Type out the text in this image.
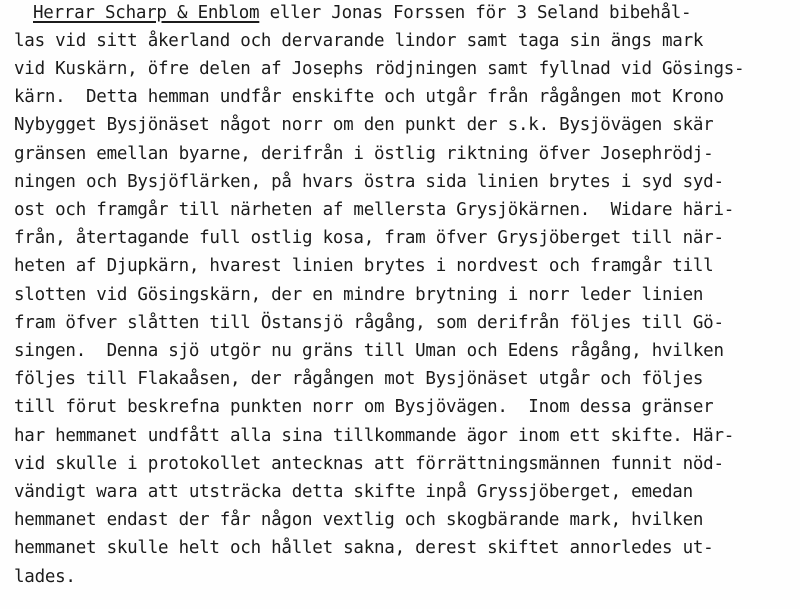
Herrar Scharp & Enblom eller Jonas Forssen för 3 Seland bibehål-

las vid sitt åkerland och dervarande lindor samt taga sin ängs mark

vid Kuskärn, öfre delen af Josephs rödjningen samt fyllnad vid Gösings-

kärn.  Detta hemman undfår enskifte och utgår från rågången mot Krono

Nybygget Bysjönäset något norr om den punkt der s.k. Bysjövägen skär

gränsen emellan byarne, derifrån i östlig riktning öfver Josephrödj-

ningen och Bysjöflärken, på hvars östra sida linien brytes i syd syd-

ost och framgår till närheten af mellersta Grysjökärnen.  Widare häri-

från, återtagande full ostlig kosa, fram öfver Grysjöberget till när-

heten af Djupkärn, hvarest linien brytes i nordvest och framgår till

slotten vid Gösingskärn, der en mindre brytning i norr leder linien

fram öfver slåtten till Östansjö rågång, som derifrån följes till Gö-

singen.  Denna sjö utgör nu gräns till Uman och Edens rågång, hvilken

följes till Flakaåsen, der rågången mot Bysjönäset utgår och följes

till förut beskrefna punkten norr om Bysjövägen.  Inom dessa gränser

har hemmanet undfått alla sina tillkommande ägor inom ett skifte. Här-

vid skulle i protokollet antecknas att förrättningsmännen funnit nöd-

vändigt wara att utsträcka detta skifte inpå Gryssjöberget, emedan

hemmanet endast der får någon vextlig och skogbärande mark, hvilken

hemmanet skulle helt och hållet sakna, derest skiftet annorledes ut-

lades.
